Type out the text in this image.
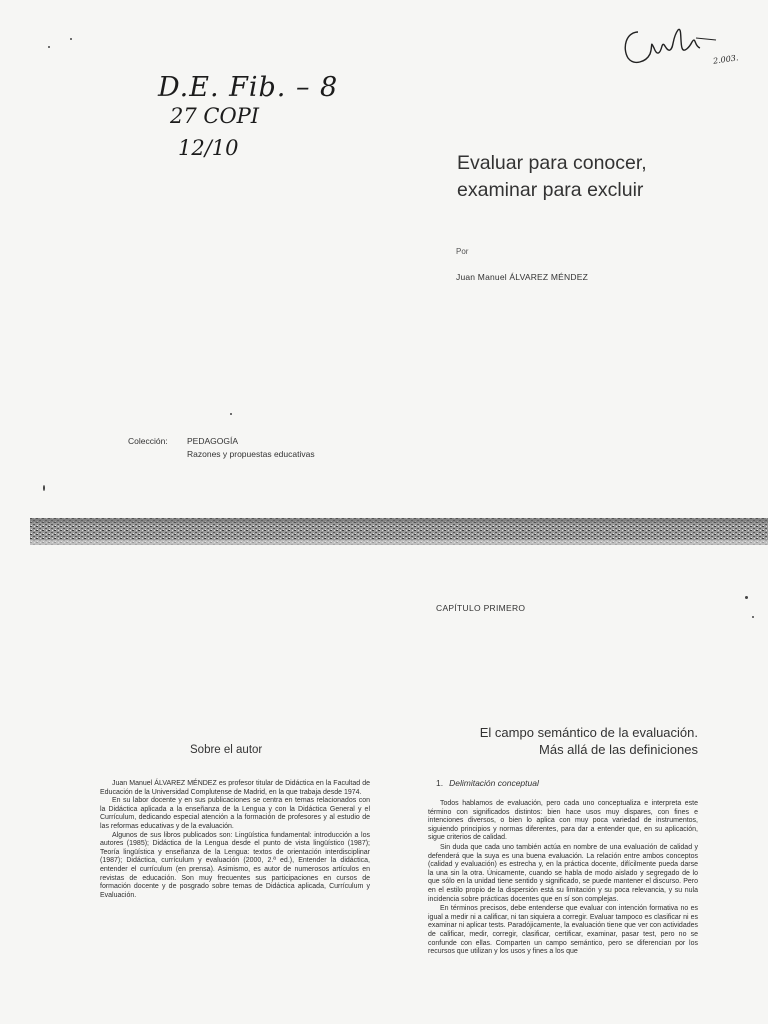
D.E. Fib. – 8
27 COPI
12/10
2.003.
Evaluar para conocer,
examinar para excluir
Por
Juan Manuel ÁLVAREZ MÉNDEZ
Colección: PEDAGOGÍA
Razones y propuestas educativas
CAPÍTULO PRIMERO
El campo semántico de la evaluación.
Más allá de las definiciones
1. Delimitación conceptual

Todos hablamos de evaluación, pero cada uno conceptualiza e interpreta este término con significados distintos: bien hace usos muy dispares, con fines e intenciones diversos, o bien lo aplica con muy poca variedad de instrumentos, siguiendo principios y normas diferentes, para dar a entender que, en su aplicación, sigue criterios de calidad.

Sin duda que cada uno también actúa en nombre de una evaluación de calidad y defenderá que la suya es una buena evaluación. La relación entre ambos conceptos (calidad y evaluación) es estrecha y, en la práctica docente, difícilmente pueda darse la una sin la otra. Únicamente, cuando se habla de modo aislado y segregado de lo que sólo en la unidad tiene sentido y significado, se puede mantener el discurso. Pero en el estilo propio de la dispersión está su limitación y su poca relevancia, y su nula incidencia sobre prácticas docentes que en sí son complejas.

En términos precisos, debe entenderse que evaluar con intención formativa no es igual a medir ni a calificar, ni tan siquiera a corregir. Evaluar tampoco es clasificar ni es examinar ni aplicar tests. Paradójicamente, la evaluación tiene que ver con actividades de calificar, medir, corregir, clasificar, certificar, examinar, pasar test, pero no se confunde con ellas. Comparten un campo semántico, pero se diferencian por los recursos que utilizan y los usos y fines a los que

Sobre el autor

Juan Manuel ÁLVAREZ MÉNDEZ es profesor titular de Didáctica en la Facultad de Educación de la Universidad Complutense de Madrid, en la que trabaja desde 1974.

En su labor docente y en sus publicaciones se centra en temas relacionados con la Didáctica aplicada a la enseñanza de la Lengua y con la Didáctica General y el Currículum, dedicando especial atención a la formación de profesores y al estudio de las reformas educativas y de la evaluación.

Algunos de sus libros publicados son: Lingüística fundamental: introducción a los autores (1985); Didáctica de la Lengua desde el punto de vista lingüístico (1987); Teoría lingüística y enseñanza de la Lengua: textos de orientación interdisciplinar (1987); Didáctica, currículum y evaluación (2000, 2.ª ed.), Entender la didáctica, entender el currículum (en prensa). Asimismo, es autor de numerosos artículos en revistas de educación. Son muy frecuentes sus participaciones en cursos de formación docente y de posgrado sobre temas de Didáctica aplicada, Currículum y Evaluación.
